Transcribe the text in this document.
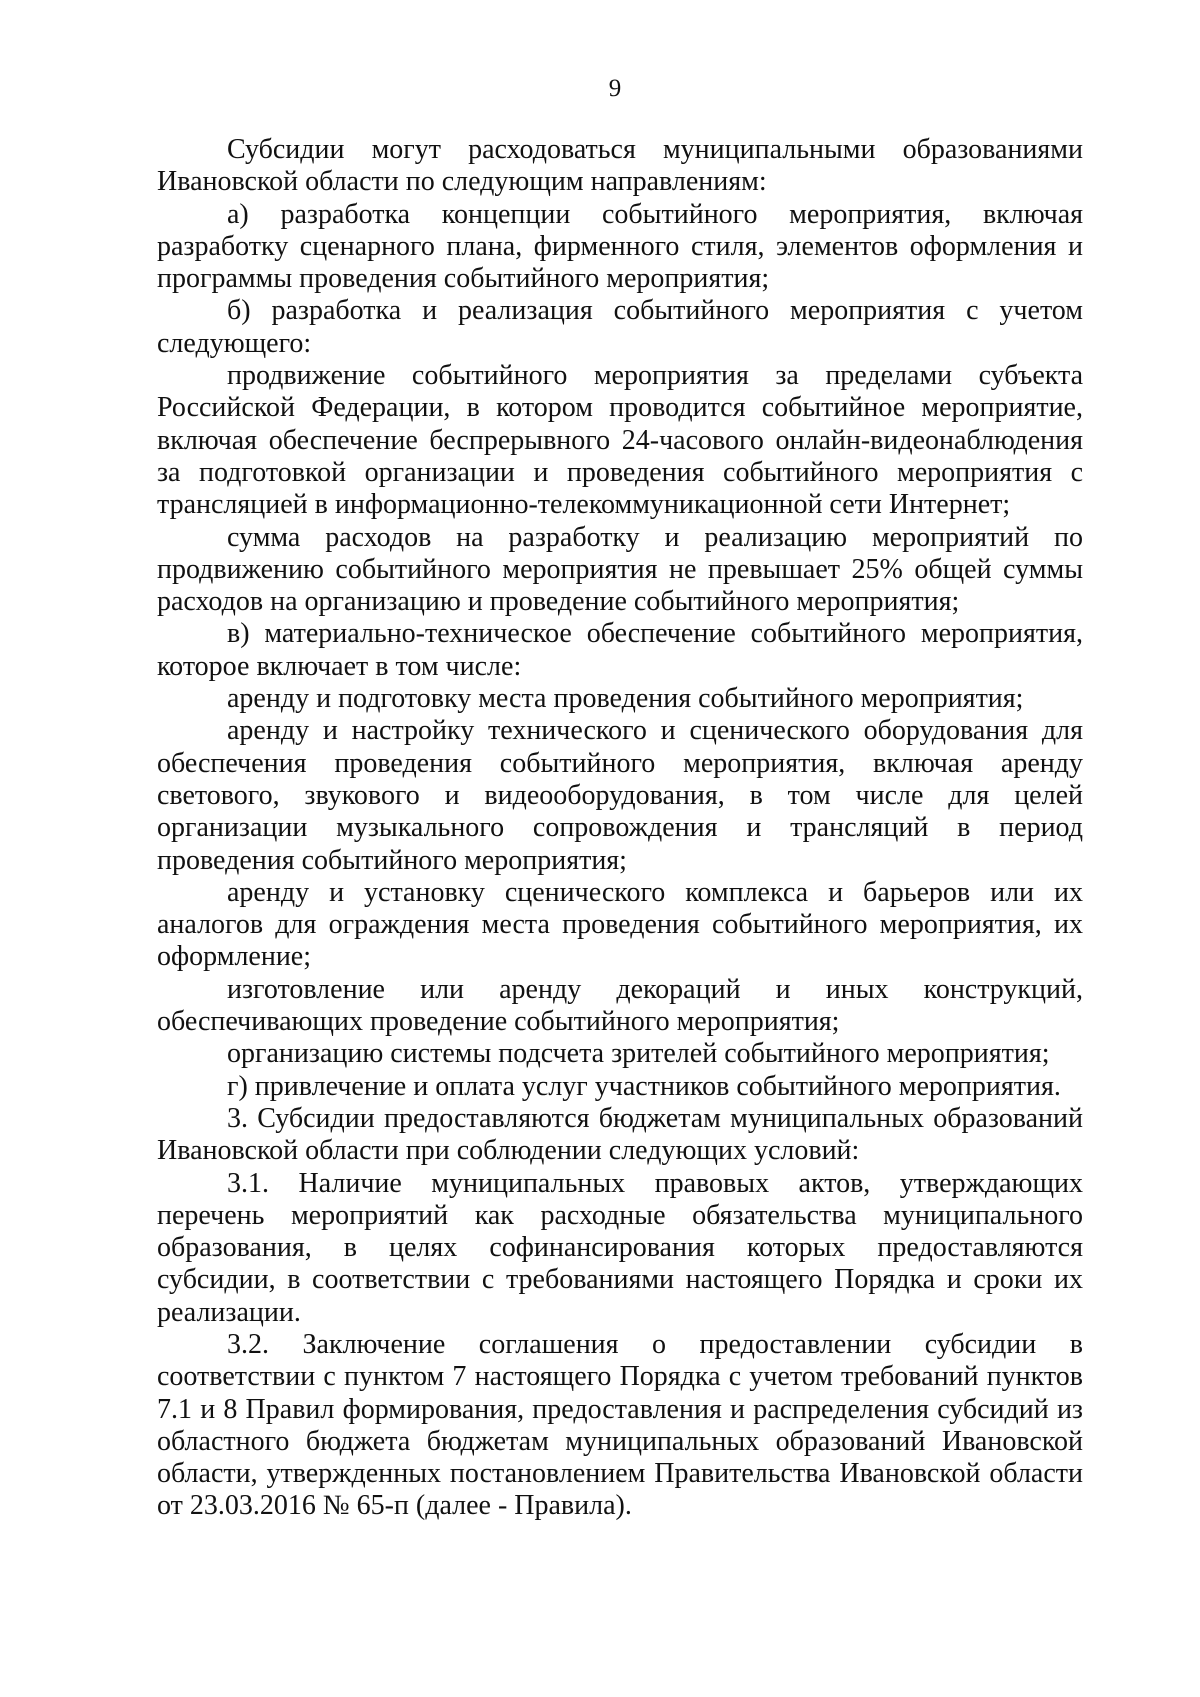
9

Субсидии могут расходоваться муниципальными образованиями Ивановской области по следующим направлениям:

а) разработка концепции событийного мероприятия, включая разработку сценарного плана, фирменного стиля, элементов оформления и программы проведения событийного мероприятия;

б) разработка и реализация событийного мероприятия с учетом следующего:

продвижение событийного мероприятия за пределами субъекта Российской Федерации, в котором проводится событийное мероприятие, включая обеспечение беспрерывного 24-часового онлайн-видеонаблюдения за подготовкой организации и проведения событийного мероприятия с трансляцией в информационно-телекоммуникационной сети Интернет;

сумма расходов на разработку и реализацию мероприятий по продвижению событийного мероприятия не превышает 25% общей суммы расходов на организацию и проведение событийного мероприятия;

в) материально-техническое обеспечение событийного мероприятия, которое включает в том числе:

аренду и подготовку места проведения событийного мероприятия;

аренду и настройку технического и сценического оборудования для обеспечения проведения событийного мероприятия, включая аренду светового, звукового и видеооборудования, в том числе для целей организации музыкального сопровождения и трансляций в период проведения событийного мероприятия;

аренду и установку сценического комплекса и барьеров или их аналогов для ограждения места проведения событийного мероприятия, их оформление;

изготовление или аренду декораций и иных конструкций, обеспечивающих проведение событийного мероприятия;

организацию системы подсчета зрителей событийного мероприятия;

г) привлечение и оплата услуг участников событийного мероприятия.

3. Субсидии предоставляются бюджетам муниципальных образований Ивановской области при соблюдении следующих условий:

3.1. Наличие муниципальных правовых актов, утверждающих перечень мероприятий как расходные обязательства муниципального образования, в целях софинансирования которых предоставляются субсидии, в соответствии с требованиями настоящего Порядка и сроки их реализации.

3.2. Заключение соглашения о предоставлении субсидии в соответствии с пунктом 7 настоящего Порядка с учетом требований пунктов 7.1 и 8 Правил формирования, предоставления и распределения субсидий из областного бюджета бюджетам муниципальных образований Ивановской области, утвержденных постановлением Правительства Ивановской области от 23.03.2016 № 65-п (далее - Правила).
